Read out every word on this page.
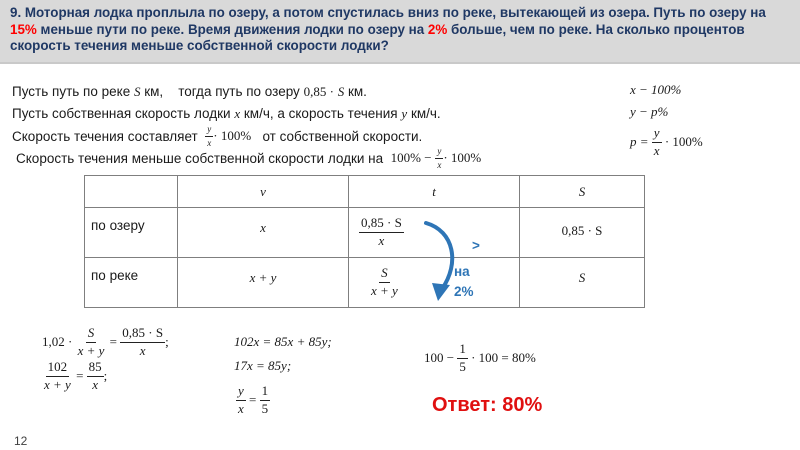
9. Моторная лодка проплыла по озеру, а потом спустилась вниз по реке, вытекающей из озера. Путь по озеру на 15% меньше пути по реке. Время движения лодки по озеру на 2% больше, чем по реке. На сколько процентов скорость течения меньше собственной скорости лодки?
Пусть путь по реке S км, тогда путь по озеру 0,85 · S км.
Пусть собственная скорость лодки x км/ч, а скорость течения y км/ч.
Скорость течения составляет
$\frac{y}{x} \cdot 100\%$
от собственной скорости.
Скорость течения меньше собственной скорости лодки на
100% −
$\frac{y}{x} \cdot 100\%$
x − 100%
y − p%
p =
$\frac{y}{x}$
· 100%
	v	t	S
по озеру	x	$\frac{0,85 \cdot S}{x}$	0,85 · S
по реке	x + y	$\frac{S}{x + y}$	S
>
на 2%
1,02 ·
$\frac{S}{x + y}$
=
$\frac{0,85 \cdot S}{x}$ ;
$\frac{102}{x + y}$
=
$\frac{85}{x}$ ;
102x = 85x + 85y;
17x = 85y;
$\frac{y}{x}$
=
$\frac{1}{5}$
100 −
$\frac{1}{5}$
· 100 = 80%
Ответ: 80%
12
